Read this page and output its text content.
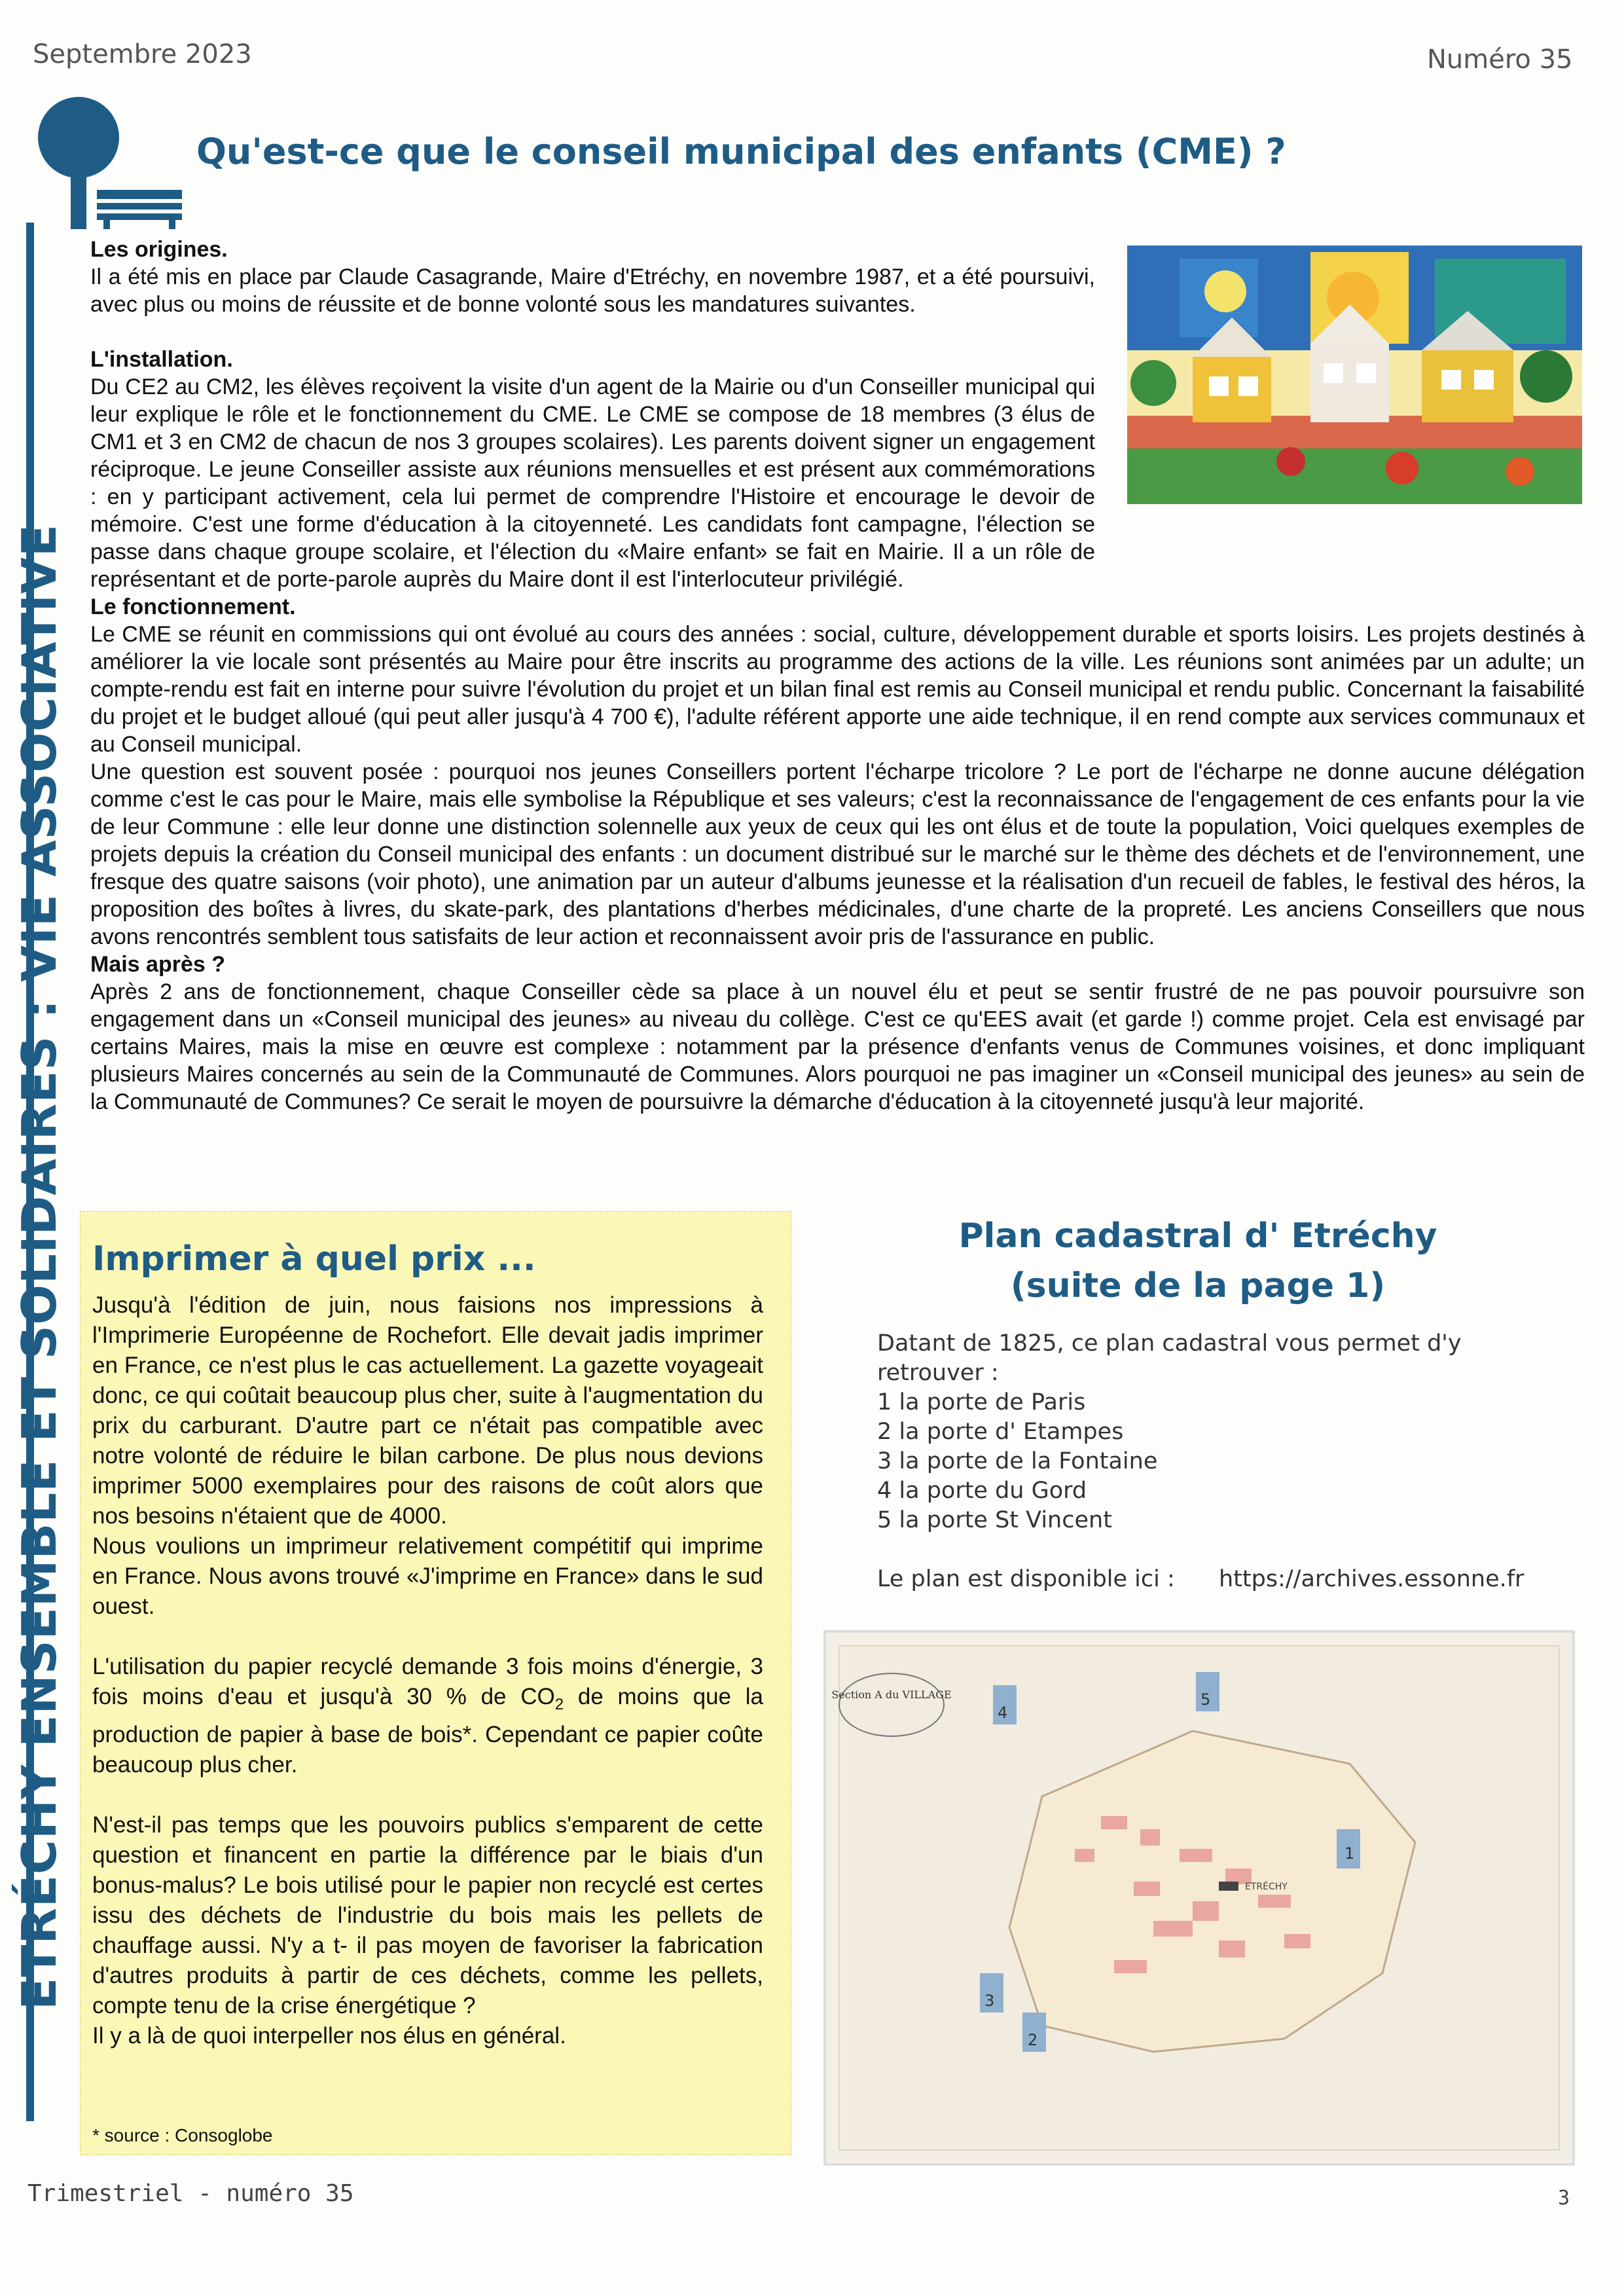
Septembre 2023	Numéro 35
ETRÉCHY ENSEMBLE ET SOLIDAIRES : VIE ASSOCIATIVE
Qu'est-ce que le conseil municipal des enfants (CME) ?

Les origines.

Il a été mis en place par Claude Casagrande, Maire d'Etréchy, en novembre 1987, et a été poursuivi, avec plus ou moins de réussite et de bonne volonté sous les mandatures suivantes.

L'installation.

Du CE2 au CM2, les élèves reçoivent la visite d'un agent de la Mairie ou d'un Conseiller municipal qui leur explique le rôle et le fonctionnement du CME. Le CME se compose de 18 membres (3 élus de CM1 et 3 en CM2 de chacun de nos 3 groupes scolaires). Les parents doivent signer un engagement réciproque. Le jeune Conseiller assiste aux réunions mensuelles et est présent aux commémorations : en y participant activement, cela lui permet de comprendre l'Histoire et encourage le devoir de mémoire. C'est une forme d'éducation à la citoyenneté. Les candidats font campagne, l'élection se passe dans chaque groupe scolaire, et l'élection du «Maire enfant» se fait en Mairie. Il a un rôle de représentant et de porte-parole auprès du Maire dont il est l'interlocuteur privilégié.

Le fonctionnement.

Le CME se réunit en commissions qui ont évolué au cours des années : social, culture, développement durable et sports loisirs. Les projets destinés à améliorer la vie locale sont présentés au Maire pour être inscrits au programme des actions de la ville. Les réunions sont animées par un adulte; un compte-rendu est fait en interne pour suivre l'évolution du projet et un bilan final est remis au Conseil municipal et rendu public. Concernant la faisabilité du projet et le budget alloué (qui peut aller jusqu'à 4 700 €), l'adulte référent apporte une aide technique, il en rend compte aux services communaux et au Conseil municipal.

Une question est souvent posée : pourquoi nos jeunes Conseillers portent l'écharpe tricolore ? Le port de l'écharpe ne donne aucune délégation comme c'est le cas pour le Maire, mais elle symbolise la République et ses valeurs; c'est la reconnaissance de l'engagement de ces enfants pour la vie de leur Commune : elle leur donne une distinction solennelle aux yeux de ceux qui les ont élus et de toute la population, Voici quelques exemples de projets depuis la création du Conseil municipal des enfants : un document distribué sur le marché sur le thème des déchets et de l'environnement, une fresque des quatre saisons (voir photo), une animation par un auteur d'albums jeunesse et la réalisation d'un recueil de fables, le festival des héros, la proposition des boîtes à livres, du skate-park, des plantations d'herbes médicinales, d'une charte de la propreté. Les anciens Conseillers que nous avons rencontrés semblent tous satisfaits de leur action et reconnaissent avoir pris de l'assurance en public.

Mais après ?

Après 2 ans de fonctionnement, chaque Conseiller cède sa place à un nouvel élu et peut se sentir frustré de ne pas pouvoir poursuivre son engagement dans un «Conseil municipal des jeunes» au niveau du collège. C'est ce qu'EES avait (et garde !) comme projet. Cela est envisagé par certains Maires, mais la mise en œuvre est complexe : notamment par la présence d'enfants venus de Communes voisines, et donc impliquant plusieurs Maires concernés au sein de la Communauté de Communes. Alors pourquoi ne pas imaginer un «Conseil municipal des jeunes» au sein de la Communauté de Communes? Ce serait le moyen de poursuivre la démarche d'éducation à la citoyenneté jusqu'à leur majorité.

Imprimer à quel prix ...
Jusqu'à l'édition de juin, nous faisions nos impressions à l'Imprimerie Européenne de Rochefort. Elle devait jadis imprimer en France, ce n'est plus le cas actuellement. La gazette voyageait donc, ce qui coûtait beaucoup plus cher, suite à l'augmentation du prix du carburant. D'autre part ce n'était pas compatible avec notre volonté de réduire le bilan carbone. De plus nous devions imprimer 5000 exemplaires pour des raisons de coût alors que nos besoins n'étaient que de 4000.
Nous voulions un imprimeur relativement compétitif qui imprime en France. Nous avons trouvé «J'imprime en France» dans le sud ouest.
L'utilisation du papier recyclé demande 3 fois moins d'énergie, 3 fois moins d'eau et jusqu'à 30 % de $CO_2$ de moins que la production de papier à base de bois*. Cependant ce papier coûte beaucoup plus cher.
N'est-il pas temps que les pouvoirs publics s'emparent de cette question et financent en partie la différence par le biais d'un bonus-malus? Le bois utilisé pour le papier non recyclé est certes issu des déchets de l'industrie du bois mais les pellets de chauffage aussi. N'y a t- il pas moyen de favoriser la fabrication d'autres produits à partir de ces déchets, comme les pellets, compte tenu de la crise énergétique ?
Il y a là de quoi interpeller nos élus en général.
* source : Consoglobe
Plan cadastral d' Etréchy
(suite de la page 1)
Datant de 1825, ce plan cadastral vous permet d'y retrouver :
1 la porte de Paris
2 la porte d' Etampes
3 la porte de la Fontaine
4 la porte du Gord
5 la porte St Vincent
Le plan est disponible ici : https://archives.essonne.fr
Section A du VILLAGE
ETRÉCHY
4
5
1
3
2
Trimestriel - numéro 35	3
